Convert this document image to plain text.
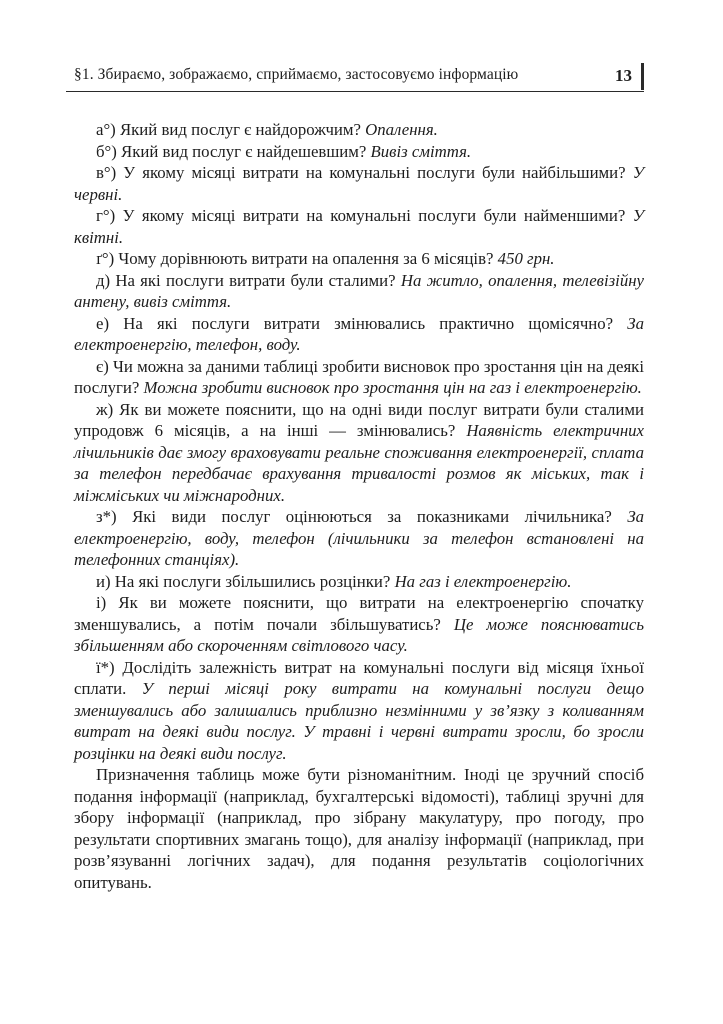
§1. Збираємо, зображаємо, сприймаємо, застосовуємо інформацію	13

а°) Який вид послуг є найдорожчим? Опалення.

б°) Який вид послуг є найдешевшим? Вивіз сміття.

в°) У якому місяці витрати на комунальні послуги були найбільшими? У червні.

г°) У якому місяці витрати на комунальні послуги були найменшими? У квітні.

ґ°) Чому дорівнюють витрати на опалення за 6 місяців? 450 грн.

д) На які послуги витрати були сталими? На житло, опалення, телевізійну антену, вивіз сміття.

е) На які послуги витрати змінювались практично щомісячно? За електроенергію, телефон, воду.

є) Чи можна за даними таблиці зробити висновок про зростання цін на деякі послуги? Можна зробити висновок про зростання цін на газ і електроенергію.

ж) Як ви можете пояснити, що на одні види послуг витрати були сталими упродовж 6 місяців, а на інші — змінювались? Наявність електричних лічильників дає змогу враховувати реальне споживання електроенергії, сплата за телефон передбачає врахування тривалості розмов як міських, так і міжміських чи міжнародних.

з*) Які види послуг оцінюються за показниками лічильника? За електроенергію, воду, телефон (лічильники за телефон встановлені на телефонних станціях).

и) На які послуги збільшились розцінки? На газ і електроенергію.

і) Як ви можете пояснити, що витрати на електроенергію спочатку зменшувались, а потім почали збільшуватись? Це може пояснюватись збільшенням або скороченням світлового часу.

ї*) Дослідіть залежність витрат на комунальні послуги від місяця їхньої сплати. У перші місяці року витрати на комунальні послуги дещо зменшувались або залишались приблизно незмінними у зв’язку з коливанням витрат на деякі види послуг. У травні і червні витрати зросли, бо зросли розцінки на деякі види послуг.

Призначення таблиць може бути різноманітним. Іноді це зручний спосіб подання інформації (наприклад, бухгалтерські відомості), таблиці зручні для збору інформації (наприклад, про зібрану макулатуру, про погоду, про результати спортивних змагань тощо), для аналізу інформації (наприклад, при розв’язуванні логічних задач), для подання результатів соціологічних опитувань.
